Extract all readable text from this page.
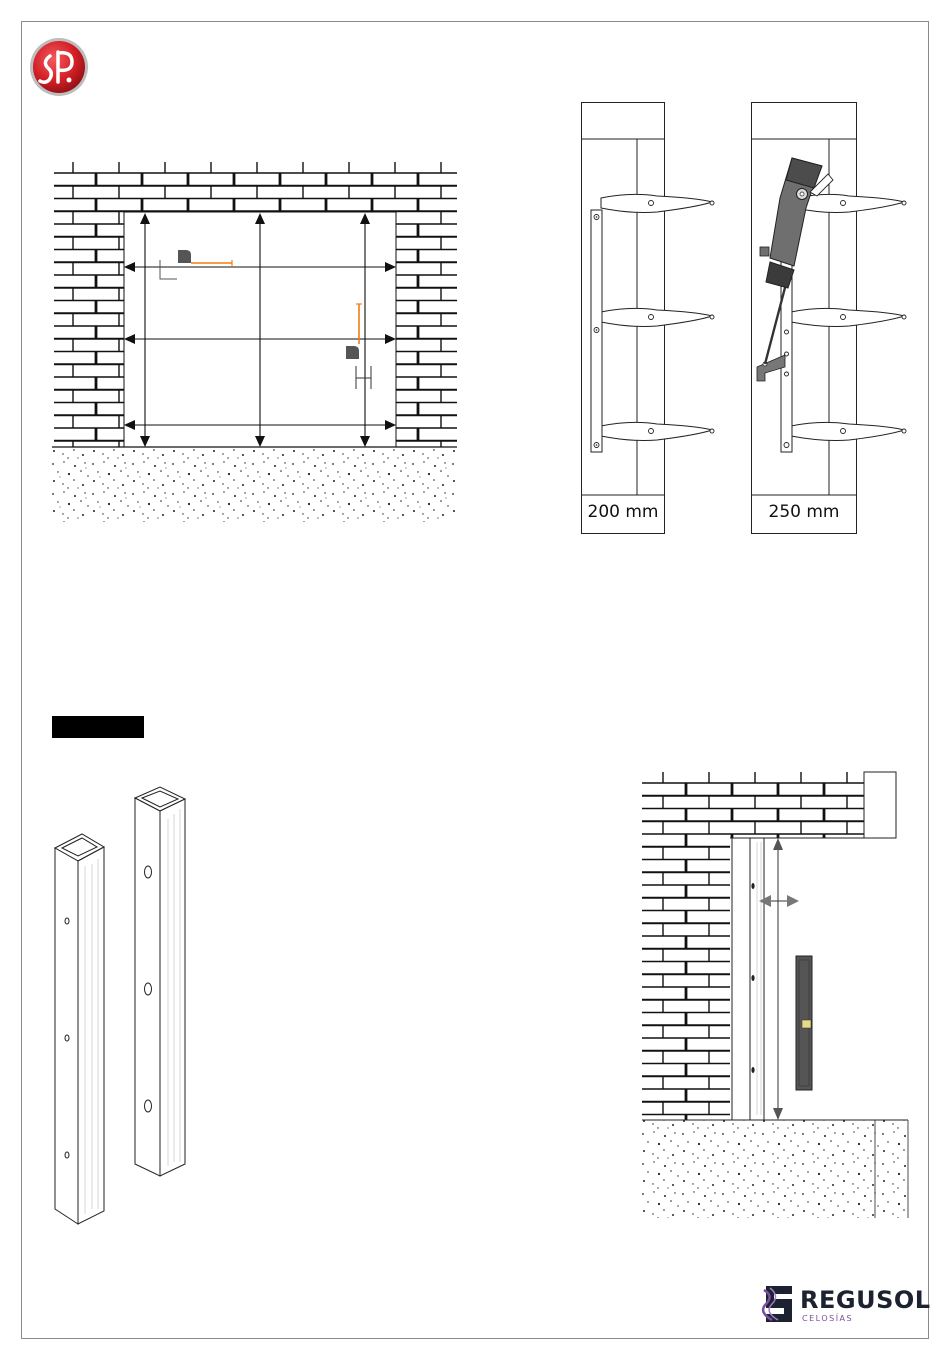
200 mm	250 mm
REGUSOL
CELOSÍAS
